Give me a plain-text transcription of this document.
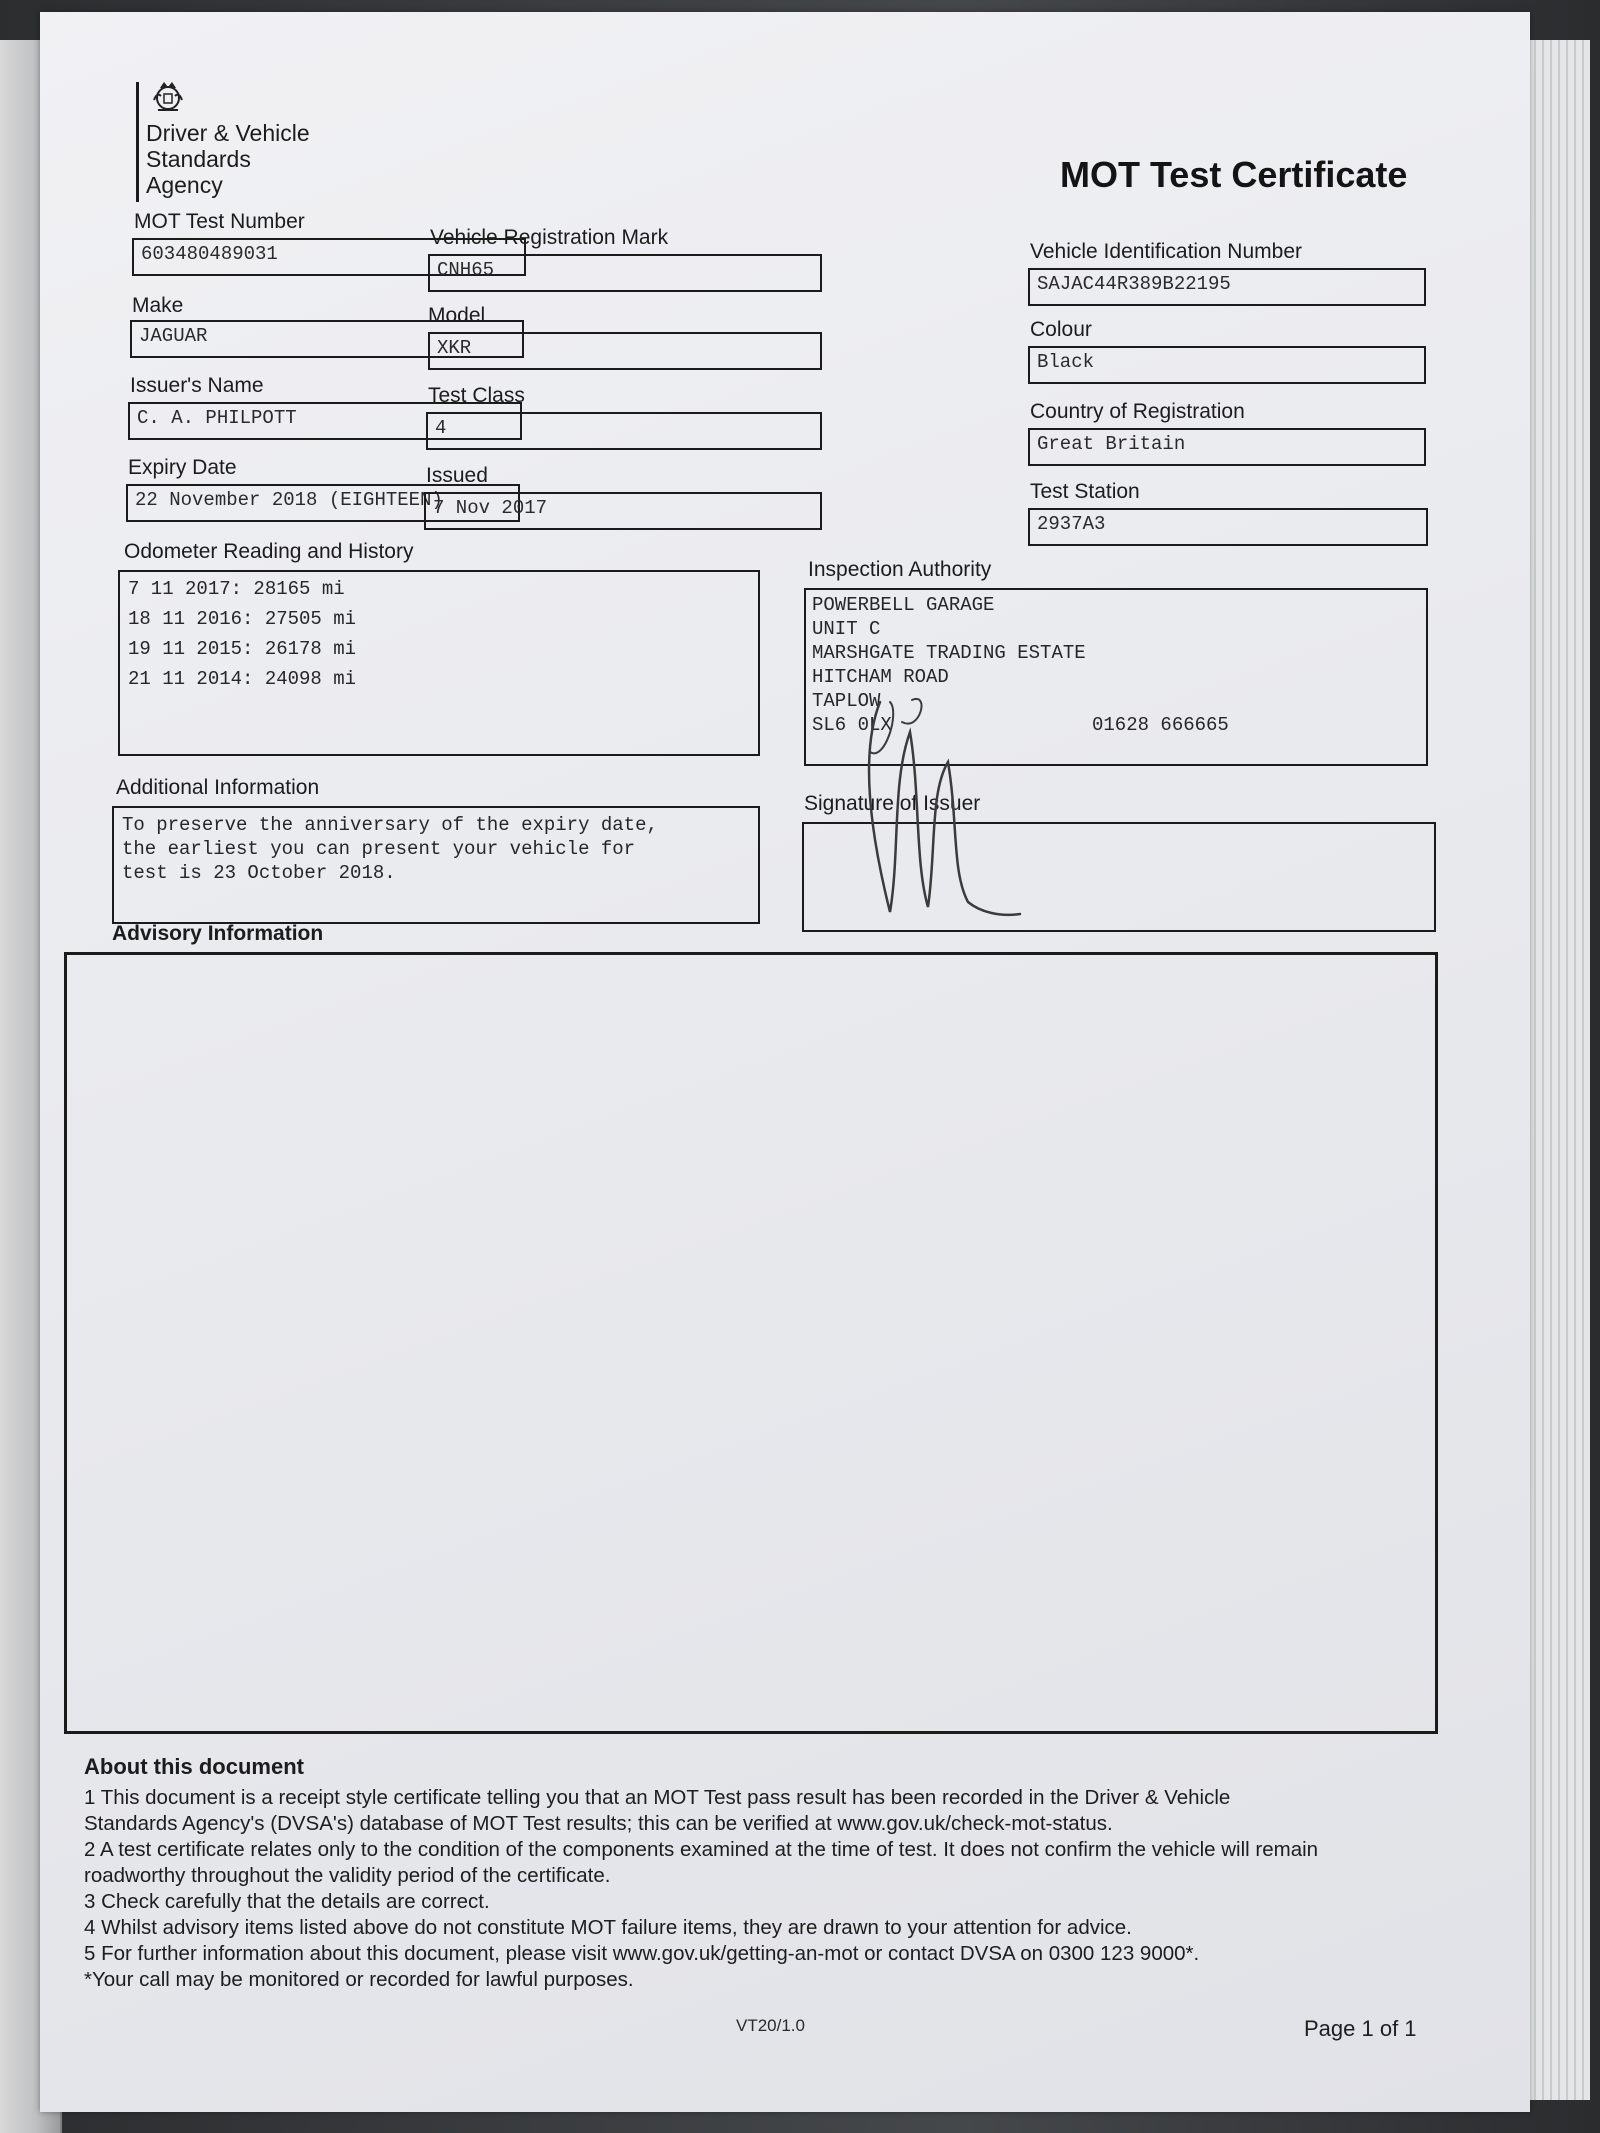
Driver & Vehicle
Standards
Agency	MOT Test Certificate
MOT Test Number
603480489031
Make
JAGUAR
Issuer's Name
C. A. PHILPOTT
Expiry Date
22 November 2018 (EIGHTEEN)
Vehicle Registration Mark
CNH65
Model
XKR
Test Class
4
Issued
7 Nov 2017
Vehicle Identification Number
SAJAC44R389B22195
Colour
Black
Country of Registration
Great Britain
Test Station
2937A3
Odometer Reading and History
7 11 2017: 28165 mi
18 11 2016: 27505 mi
19 11 2015: 26178 mi
21 11 2014: 24098 mi
Inspection Authority
POWERBELL GARAGE
UNIT C
MARSHGATE TRADING ESTATE
HITCHAM ROAD
TAPLOW
SL6 0LX	01628 666665
Additional Information
To preserve the anniversary of the expiry date,
the earliest you can present your vehicle for
test is 23 October 2018.
Signature of Issuer
Advisory Information
About this document
1 This document is a receipt style certificate telling you that an MOT Test pass result has been recorded in the Driver & Vehicle
Standards Agency's (DVSA's) database of MOT Test results; this can be verified at www.gov.uk/check-mot-status.
2 A test certificate relates only to the condition of the components examined at the time of test. It does not confirm the vehicle will remain
roadworthy throughout the validity period of the certificate.
3 Check carefully that the details are correct.
4 Whilst advisory items listed above do not constitute MOT failure items, they are drawn to your attention for advice.
5 For further information about this document, please visit www.gov.uk/getting-an-mot or contact DVSA on 0300 123 9000*.
*Your call may be monitored or recorded for lawful purposes.
VT20/1.0	Page 1 of 1
